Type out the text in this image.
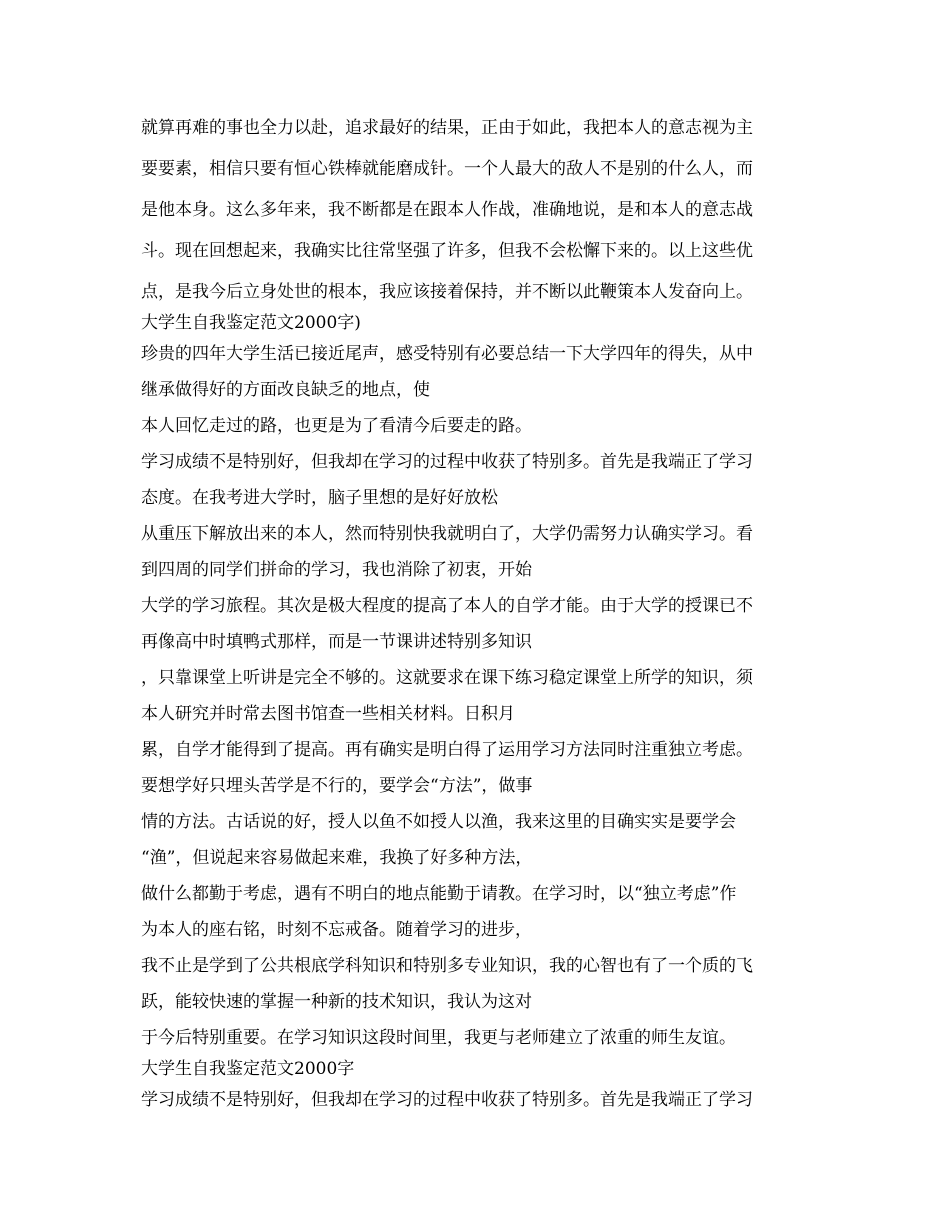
就算再难的事也全力以赴，追求最好的结果，正由于如此，我把本人的意志视为主
要要素，相信只要有恒心铁棒就能磨成针。一个人最大的敌人不是别的什么人，而
是他本身。这么多年来，我不断都是在跟本人作战，准确地说，是和本人的意志战
斗。现在回想起来，我确实比往常坚强了许多，但我不会松懈下来的。以上这些优
点，是我今后立身处世的根本，我应该接着保持，并不断以此鞭策本人发奋向上。
大学生自我鉴定范文2000字)
珍贵的四年大学生活已接近尾声，感受特别有必要总结一下大学四年的得失，从中
继承做得好的方面改良缺乏的地点，使
本人回忆走过的路，也更是为了看清今后要走的路。
学习成绩不是特别好，但我却在学习的过程中收获了特别多。首先是我端正了学习
态度。在我考进大学时，脑子里想的是好好放松
从重压下解放出来的本人，然而特别快我就明白了，大学仍需努力认确实学习。看
到四周的同学们拼命的学习，我也消除了初衷，开始
大学的学习旅程。其次是极大程度的提高了本人的自学才能。由于大学的授课已不
再像高中时填鸭式那样，而是一节课讲述特别多知识
，只靠课堂上听讲是完全不够的。这就要求在课下练习稳定课堂上所学的知识，须
本人研究并时常去图书馆查一些相关材料。日积月
累，自学才能得到了提高。再有确实是明白得了运用学习方法同时注重独立考虑。
要想学好只埋头苦学是不行的，要学会“方法”，做事
情的方法。古话说的好，授人以鱼不如授人以渔，我来这里的目确实实是要学会
“渔”，但说起来容易做起来难，我换了好多种方法，
做什么都勤于考虑，遇有不明白的地点能勤于请教。在学习时，以“独立考虑”作
为本人的座右铭，时刻不忘戒备。随着学习的进步，
我不止是学到了公共根底学科知识和特别多专业知识，我的心智也有了一个质的飞
跃，能较快速的掌握一种新的技术知识，我认为这对
于今后特别重要。在学习知识这段时间里，我更与老师建立了浓重的师生友谊。
大学生自我鉴定范文2000字
学习成绩不是特别好，但我却在学习的过程中收获了特别多。首先是我端正了学习
